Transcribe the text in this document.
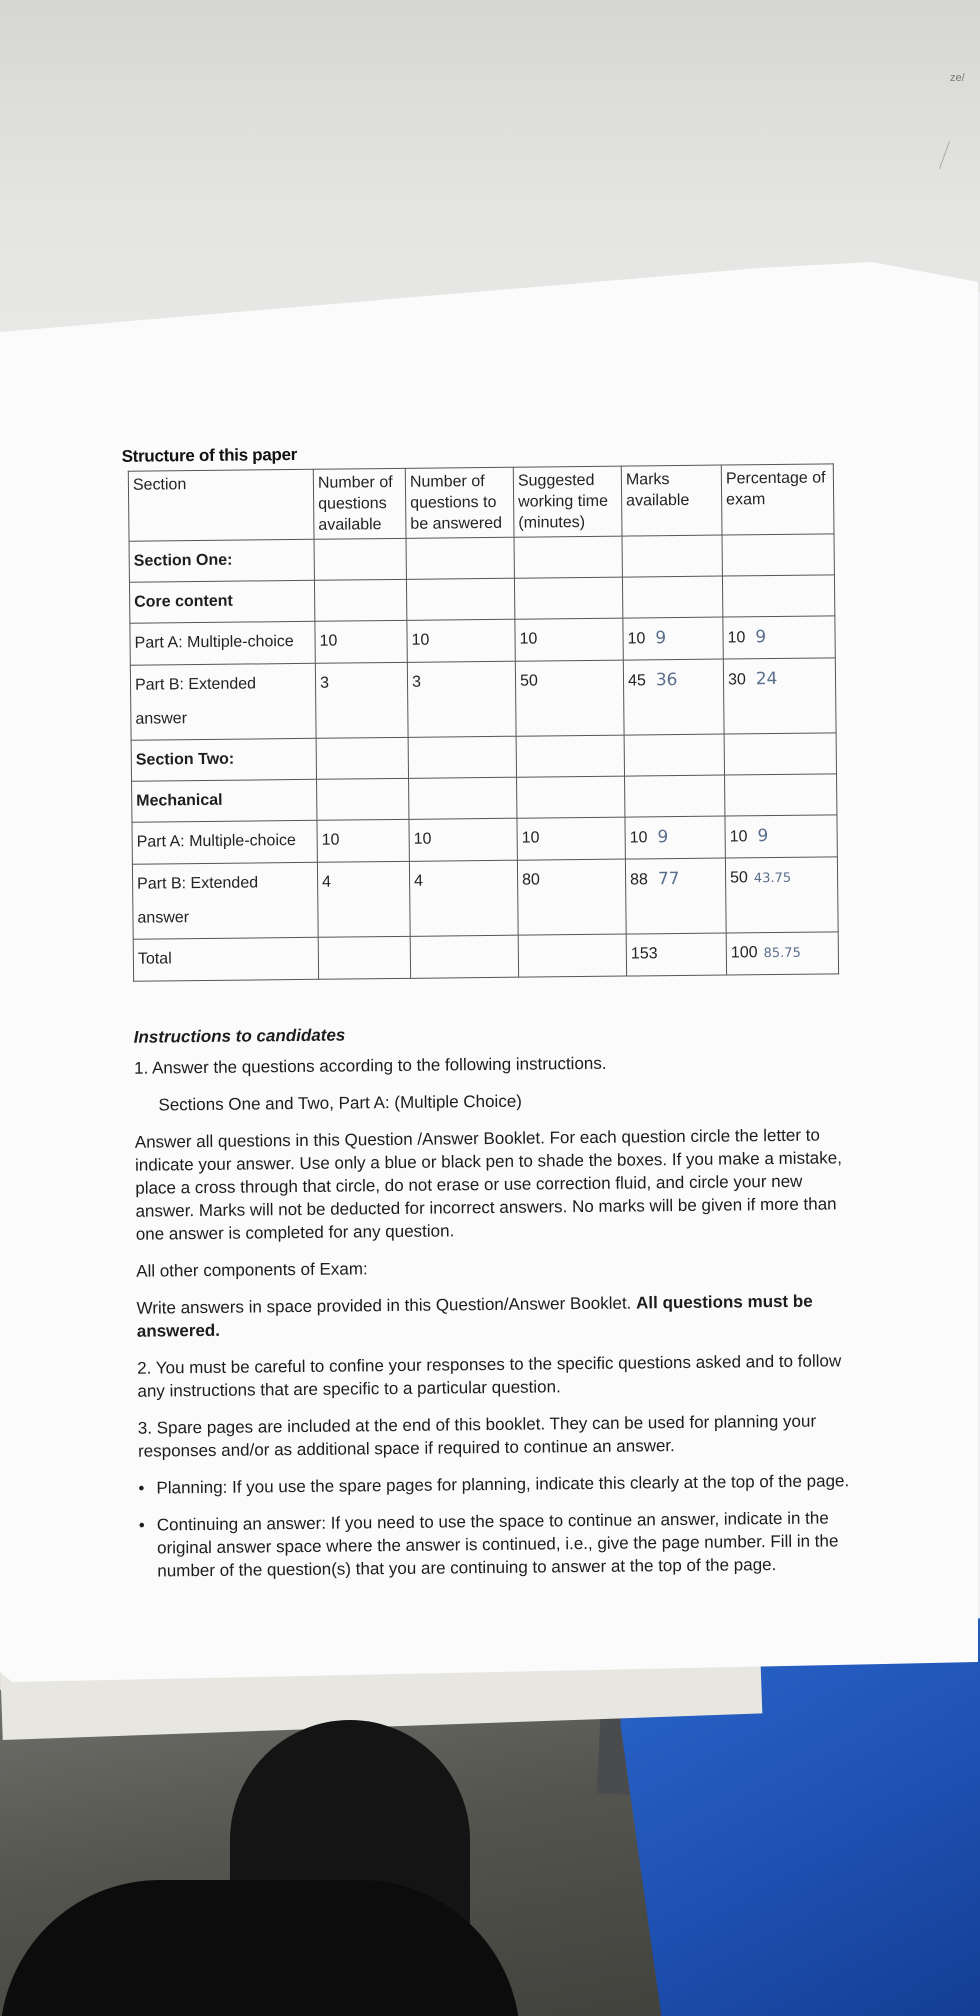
ze/
Structure of this paper
Section	Number of questions available	Number of questions to be answered	Suggested working time (minutes)	Marks available	Percentage of exam

Section One:					

Core content					

Part A: Multiple-choice	10	10	10	10 9	10 9

Part B: Extended answer	3	3	50	45 36	30 24

Section Two:					

Mechanical					

Part A: Multiple-choice	10	10	10	10 9	10 9

Part B: Extended answer	4	4	80	88 77	50 43.75

Total				153	100 85.75
Instructions to candidates

1. Answer the questions according to the following instructions.

Sections One and Two, Part A: (Multiple Choice)

Answer all questions in this Question /Answer Booklet. For each question circle the letter to indicate your answer. Use only a blue or black pen to shade the boxes. If you make a mistake, place a cross through that circle, do not erase or use correction fluid, and circle your new answer. Marks will not be deducted for incorrect answers. No marks will be given if more than one answer is completed for any question.

All other components of Exam:

Write answers in space provided in this Question/Answer Booklet. All questions must be answered.

2. You must be careful to confine your responses to the specific questions asked and to follow any instructions that are specific to a particular question.

3. Spare pages are included at the end of this booklet. They can be used for planning your responses and/or as additional space if required to continue an answer.

• Planning: If you use the spare pages for planning, indicate this clearly at the top of the page.
• Continuing an answer: If you need to use the space to continue an answer, indicate in the original answer space where the answer is continued, i.e., give the page number. Fill in the number of the question(s) that you are continuing to answer at the top of the page.
